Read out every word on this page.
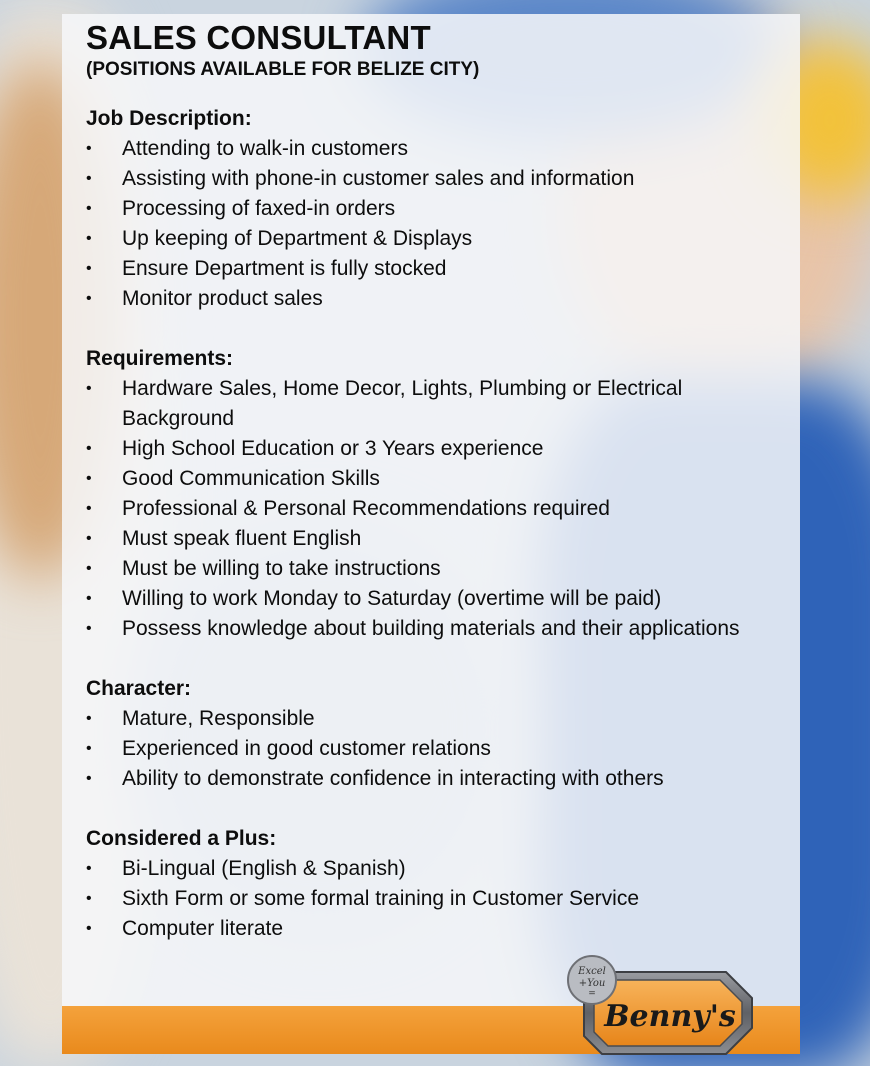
SALES CONSULTANT
(POSITIONS AVAILABLE FOR BELIZE CITY)
Job Description:
•	Attending to walk-in customers
•	Assisting with phone-in customer sales and information
•	Processing of faxed-in orders
•	Up keeping of Department & Displays
•	Ensure Department is fully stocked
•	Monitor product sales
Requirements:
•	Hardware Sales, Home Decor, Lights, Plumbing or Electrical Background
•	High School Education or 3 Years experience
•	Good Communication Skills
•	Professional & Personal Recommendations required
•	Must speak fluent English
•	Must be willing to take instructions
•	Willing to work Monday to Saturday (overtime will be paid)
•	Possess knowledge about building materials and their applications
Character:
•	Mature, Responsible
•	Experienced in good customer relations
•	Ability to demonstrate confidence in interacting with others
Considered a Plus:
•	Bi-Lingual (English & Spanish)
•	Sixth Form or some formal training in Customer Service
•	Computer literate
Benny's
Excel
+You
=
